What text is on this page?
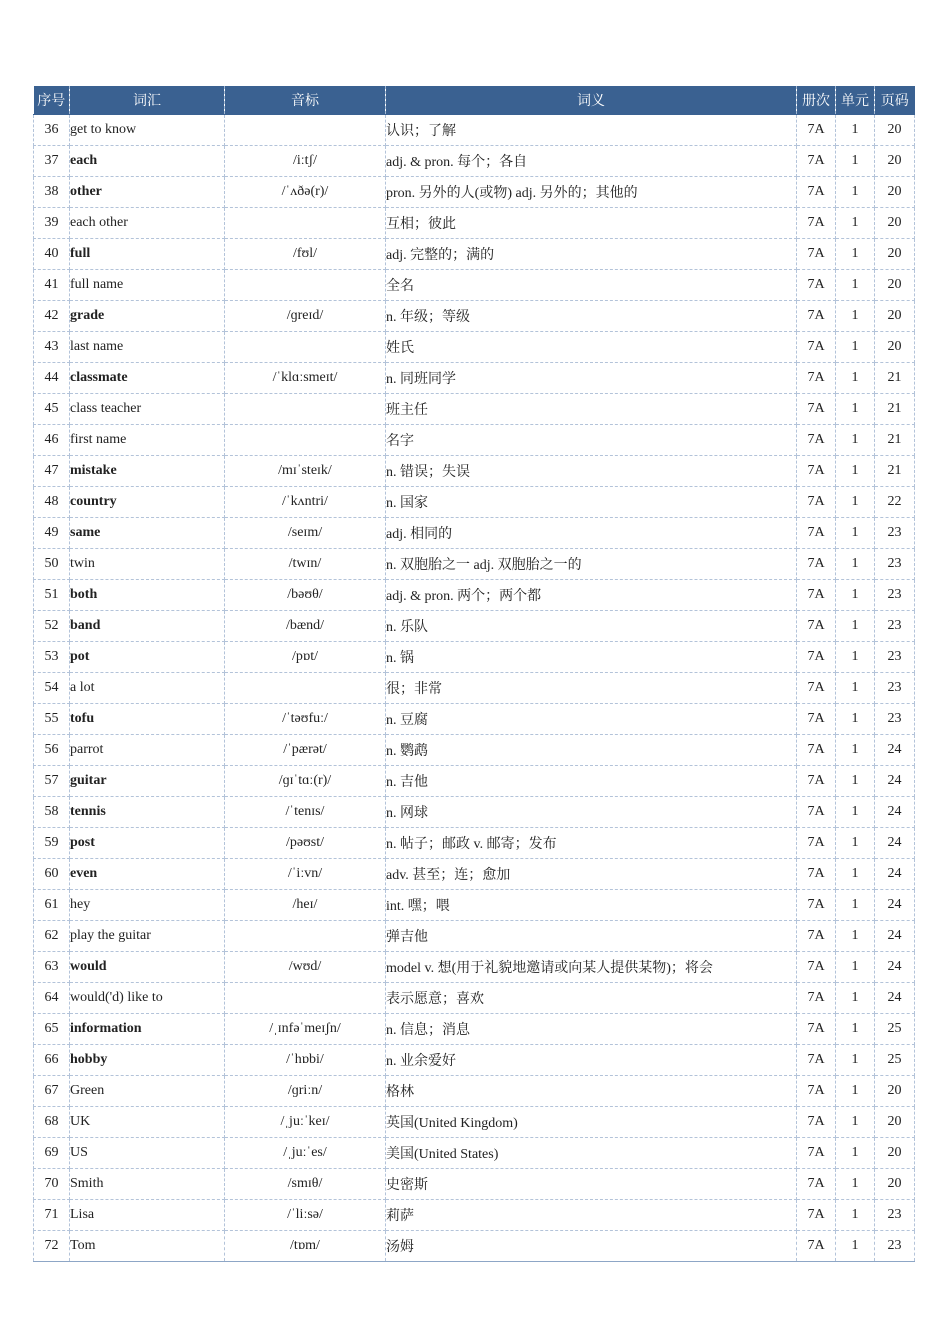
序号	词汇	音标	词义	册次	单元	页码
36	get to know		认识；了解	7A	1	20
37	each	/iːtʃ/	adj. & pron. 每个；各自	7A	1	20
38	other	/ˈʌðə(r)/	pron. 另外的人(或物) adj. 另外的；其他的	7A	1	20
39	each other		互相；彼此	7A	1	20
40	full	/fʊl/	adj. 完整的；满的	7A	1	20
41	full name		全名	7A	1	20
42	grade	/ɡreɪd/	n. 年级；等级	7A	1	20
43	last name		姓氏	7A	1	20
44	classmate	/ˈklɑːsmeɪt/	n. 同班同学	7A	1	21
45	class teacher		班主任	7A	1	21
46	first name		名字	7A	1	21
47	mistake	/mɪˈsteɪk/	n. 错误；失误	7A	1	21
48	country	/ˈkʌntri/	n. 国家	7A	1	22
49	same	/seɪm/	adj. 相同的	7A	1	23
50	twin	/twɪn/	n. 双胞胎之一 adj. 双胞胎之一的	7A	1	23
51	both	/bəʊθ/	adj. & pron. 两个；两个都	7A	1	23
52	band	/bænd/	n. 乐队	7A	1	23
53	pot	/pɒt/	n. 锅	7A	1	23
54	a lot		很；非常	7A	1	23
55	tofu	/ˈtəʊfuː/	n. 豆腐	7A	1	23
56	parrot	/ˈpærət/	n. 鹦鹉	7A	1	24
57	guitar	/ɡɪˈtɑː(r)/	n. 吉他	7A	1	24
58	tennis	/ˈtenɪs/	n. 网球	7A	1	24
59	post	/pəʊst/	n. 帖子；邮政 v. 邮寄；发布	7A	1	24
60	even	/ˈiːvn/	adv. 甚至；连；愈加	7A	1	24
61	hey	/heɪ/	int. 嘿；喂	7A	1	24
62	play the guitar		弹吉他	7A	1	24
63	would	/wʊd/	model v. 想(用于礼貌地邀请或向某人提供某物)；将会	7A	1	24
64	would('d) like to		表示愿意；喜欢	7A	1	24
65	information	/ˌɪnfəˈmeɪʃn/	n. 信息；消息	7A	1	25
66	hobby	/ˈhɒbi/	n. 业余爱好	7A	1	25
67	Green	/ɡriːn/	格林	7A	1	20
68	UK	/ˌjuːˈkeɪ/	英国(United Kingdom)	7A	1	20
69	US	/ˌjuːˈes/	美国(United States)	7A	1	20
70	Smith	/smɪθ/	史密斯	7A	1	20
71	Lisa	/ˈliːsə/	莉萨	7A	1	23
72	Tom	/tɒm/	汤姆	7A	1	23
